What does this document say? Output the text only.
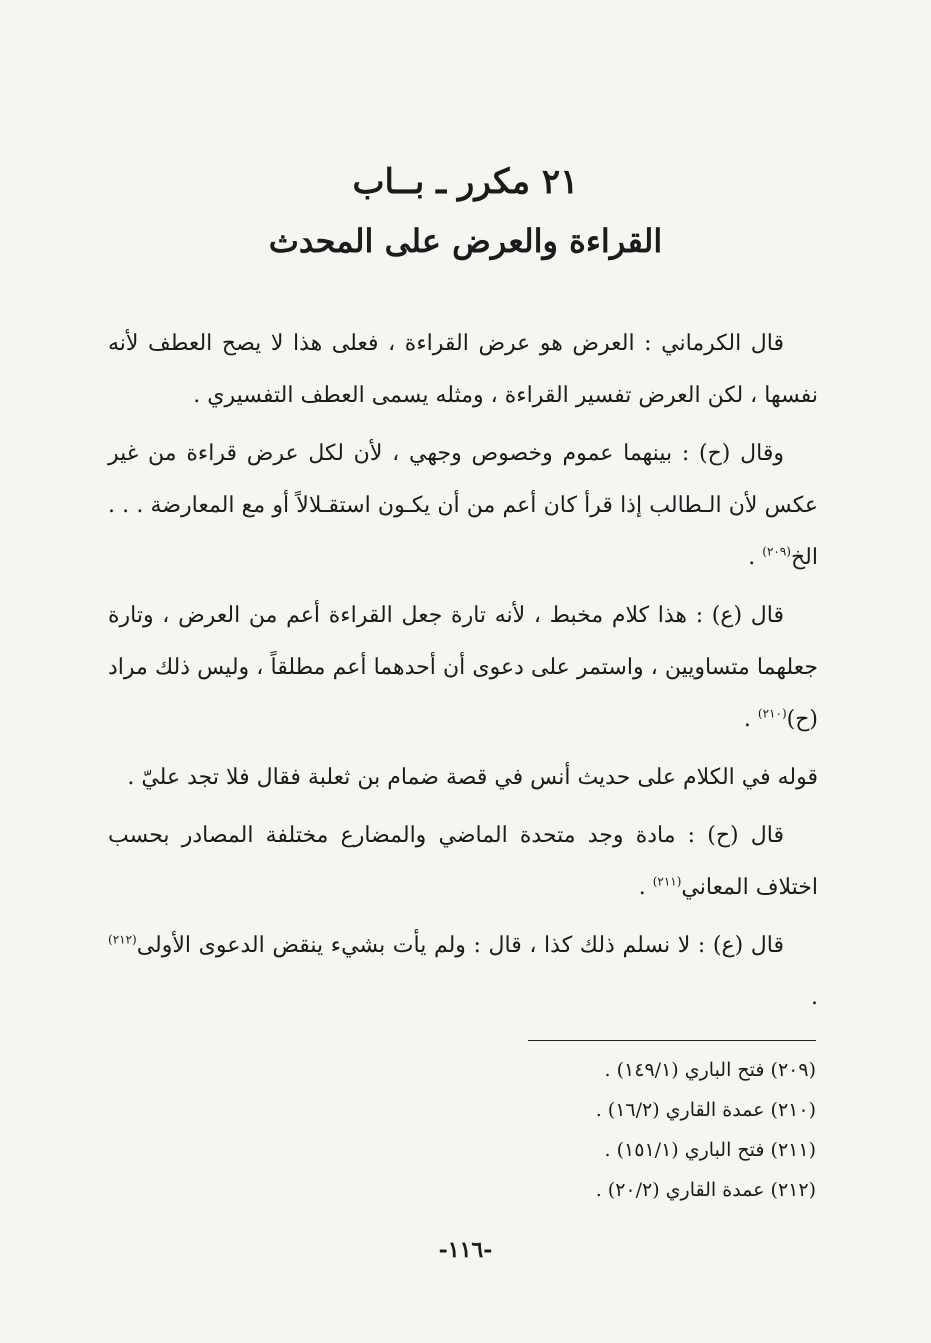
٢١ مكرر ـ بــاب
القراءة والعرض على المحدث

قال الكرماني : العرض هو عرض القراءة ، فعلى هذا لا يصح العطف لأنه نفسها ، لكن العرض تفسير القراءة ، ومثله يسمى العطف التفسيري .

وقال (ح) : بينهما عموم وخصوص وجهي ، لأن لكل عرض قراءة من غير عكس لأن الـطالب إذا قرأ كان أعم من أن يكـون استقـلالاً أو مع المعارضة . . . الخ$^{(٢٠٩)}$ .

قال (ع) : هذا كلام مخبط ، لأنه تارة جعل القراءة أعم من العرض ، وتارة جعلهما متساويين ، واستمر على دعوى أن أحدهما أعم مطلقاً ، وليس ذلك مراد (ح)$^{(٢١٠)}$ .

قوله في الكلام على حديث أنس في قصة ضمام بن ثعلبة فقال فلا تجد عليّ .

قال (ح) : مادة وجد متحدة الماضي والمضارع مختلفة المصادر بحسب اختلاف المعاني$^{(٢١١)}$ .

قال (ع) : لا نسلم ذلك كذا ، قال : ولم يأت بشيء ينقض الدعوى الأولى$^{(٢١٢)}$ .

(٢٠٩) فتح الباري (١٤٩/١) .

(٢١٠) عمدة القاري (١٦/٢) .

(٢١١) فتح الباري (١٥١/١) .

(٢١٢) عمدة القاري (٢٠/٢) .

-١١٦-
